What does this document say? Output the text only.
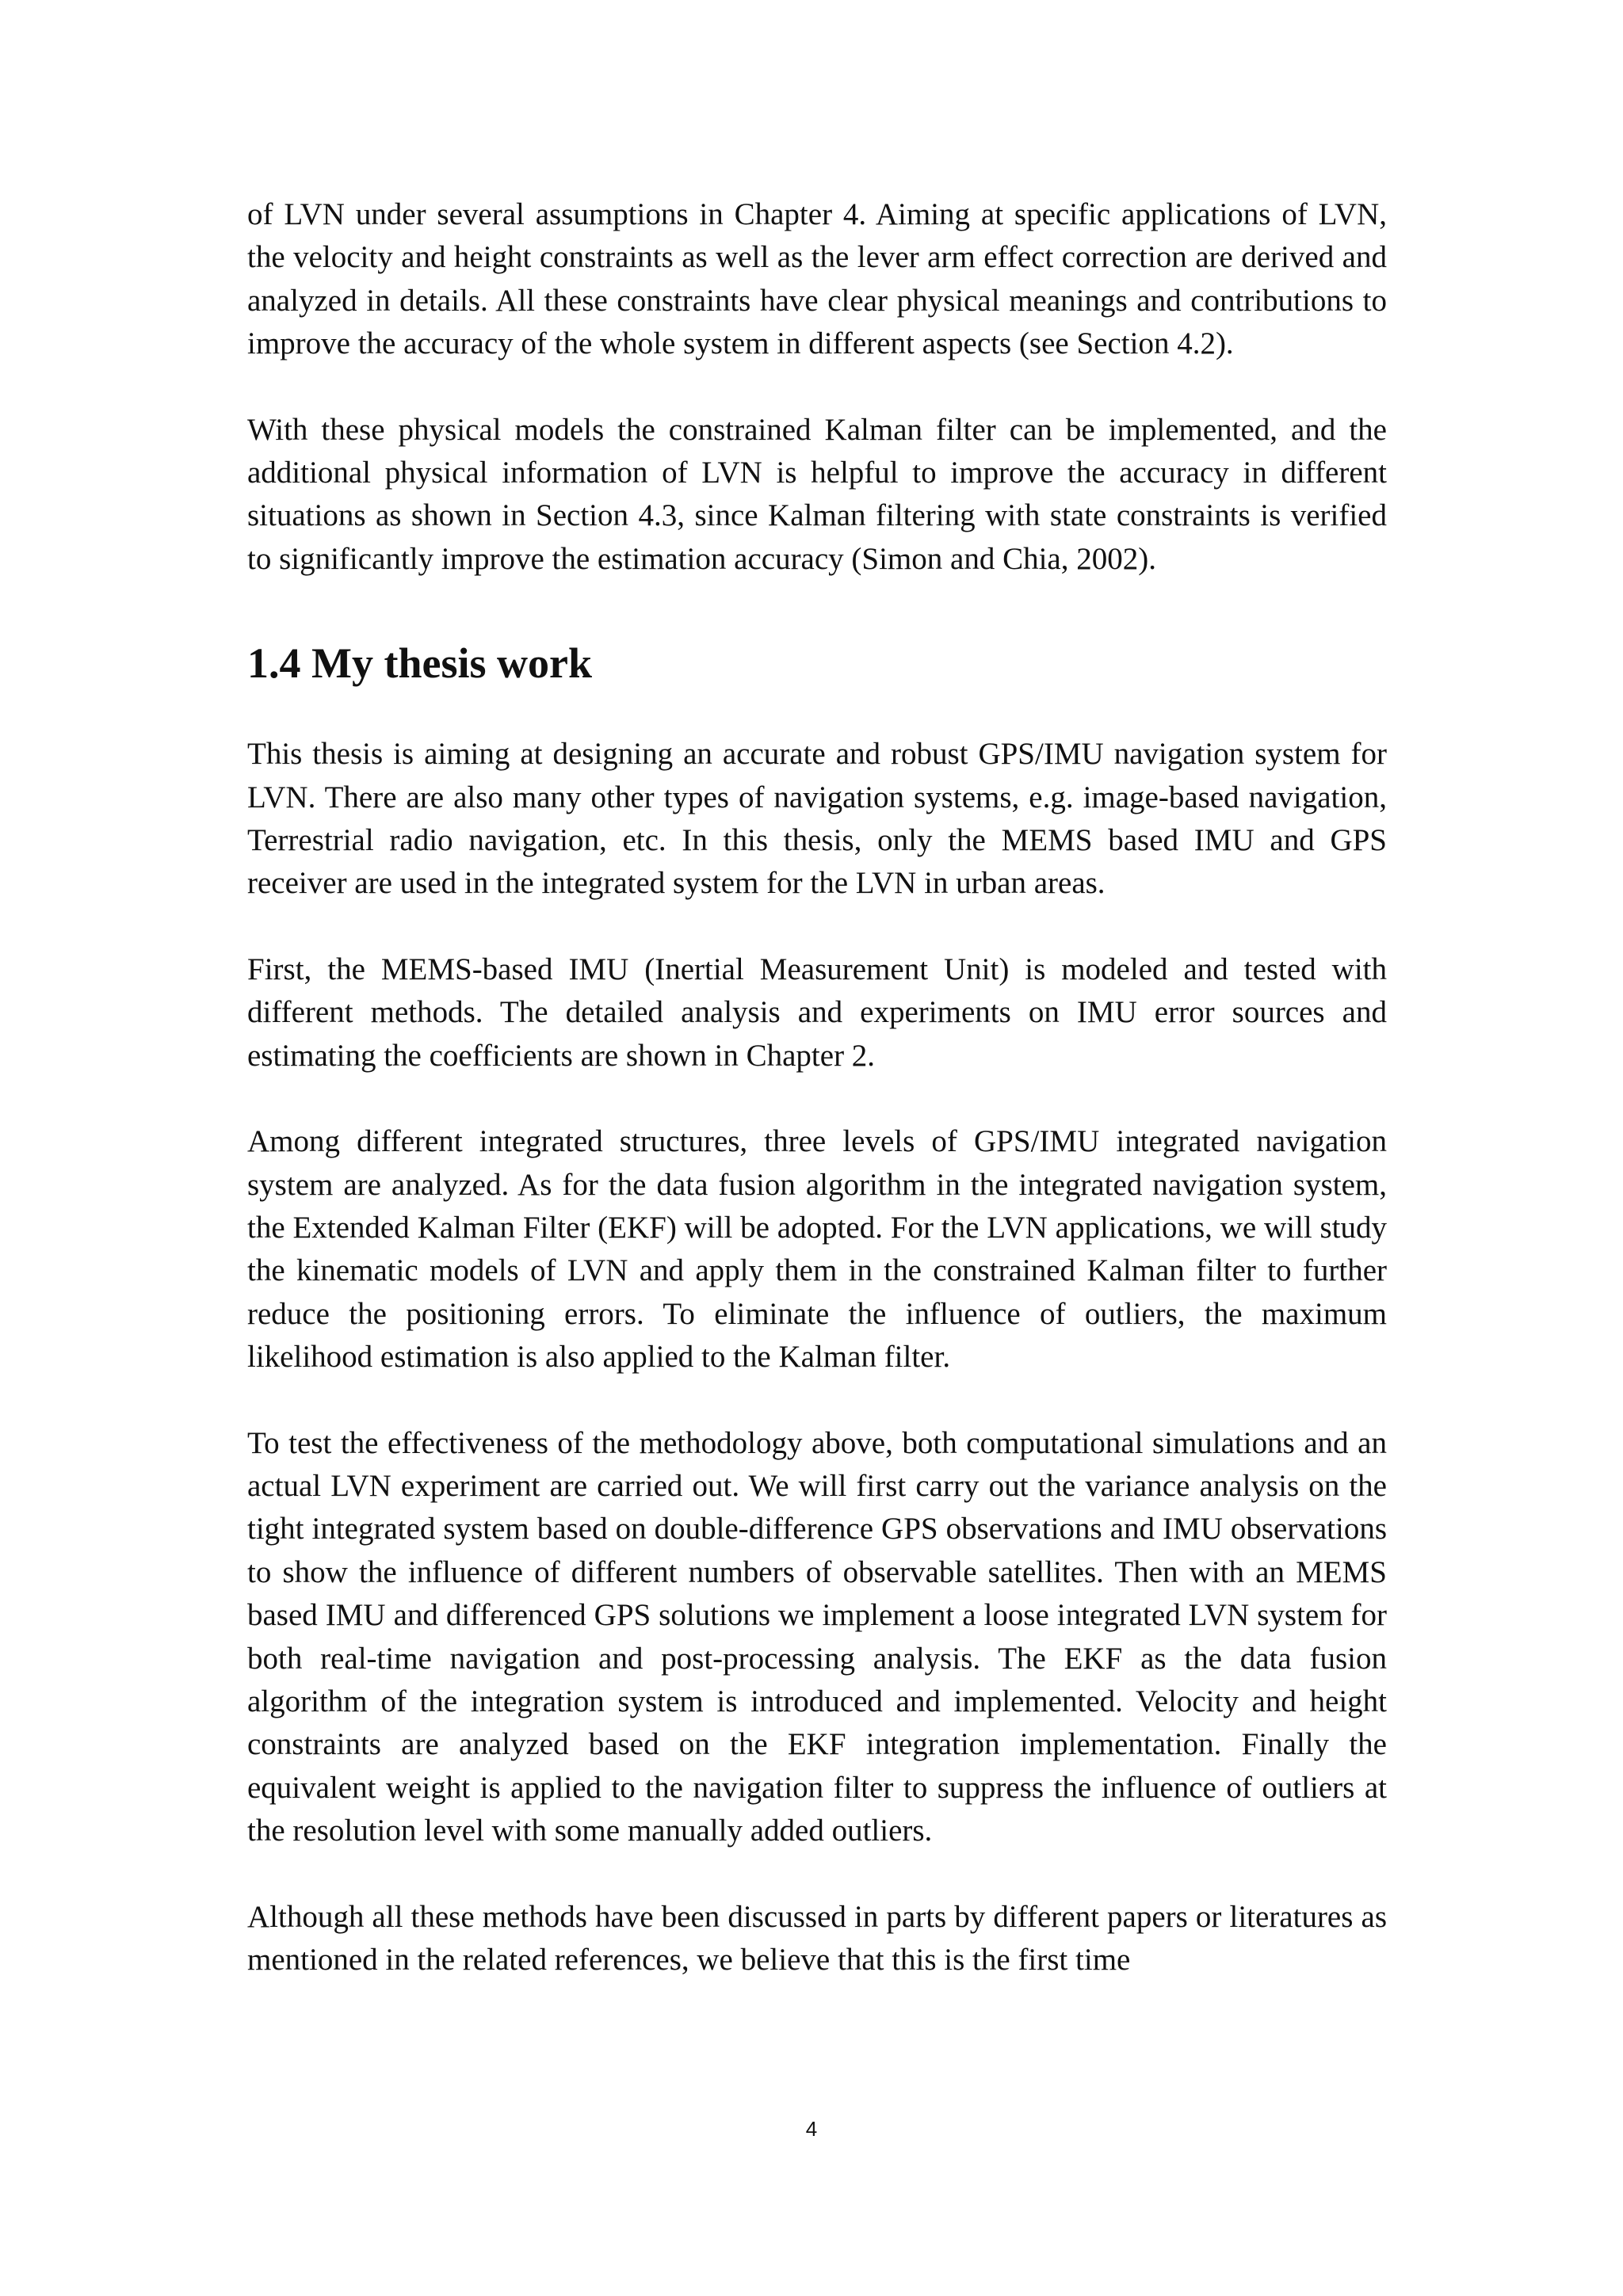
of LVN under several assumptions in Chapter 4. Aiming at specific applications of LVN, the velocity and height constraints as well as the lever arm effect correction are derived and analyzed in details. All these constraints have clear physical meanings and contributions to improve the accuracy of the whole system in different aspects (see Section 4.2).

With these physical models the constrained Kalman filter can be implemented, and the additional physical information of LVN is helpful to improve the accuracy in different situations as shown in Section 4.3, since Kalman filtering with state constraints is verified to significantly improve the estimation accuracy (Simon and Chia, 2002).

1.4 My thesis work

This thesis is aiming at designing an accurate and robust GPS/IMU navigation system for LVN. There are also many other types of navigation systems, e.g. image-based navigation, Terrestrial radio navigation, etc. In this thesis, only the MEMS based IMU and GPS receiver are used in the integrated system for the LVN in urban areas.

First, the MEMS-based IMU (Inertial Measurement Unit) is modeled and tested with different methods. The detailed analysis and experiments on IMU error sources and estimating the coefficients are shown in Chapter 2.

Among different integrated structures, three levels of GPS/IMU integrated navigation system are analyzed. As for the data fusion algorithm in the integrated navigation system, the Extended Kalman Filter (EKF) will be adopted. For the LVN applications, we will study the kinematic models of LVN and apply them in the constrained Kalman filter to further reduce the positioning errors. To eliminate the influence of outliers, the maximum likelihood estimation is also applied to the Kalman filter.

To test the effectiveness of the methodology above, both computational simulations and an actual LVN experiment are carried out. We will first carry out the variance analysis on the tight integrated system based on double-difference GPS observations and IMU observations to show the influence of different numbers of observable satellites. Then with an MEMS based IMU and differenced GPS solutions we implement a loose integrated LVN system for both real-time navigation and post-processing analysis. The EKF as the data fusion algorithm of the integration system is introduced and implemented. Velocity and height constraints are analyzed based on the EKF integration implementation. Finally the equivalent weight is applied to the navigation filter to suppress the influence of outliers at the resolution level with some manually added outliers.

Although all these methods have been discussed in parts by different papers or literatures as mentioned in the related references, we believe that this is the first time

4
